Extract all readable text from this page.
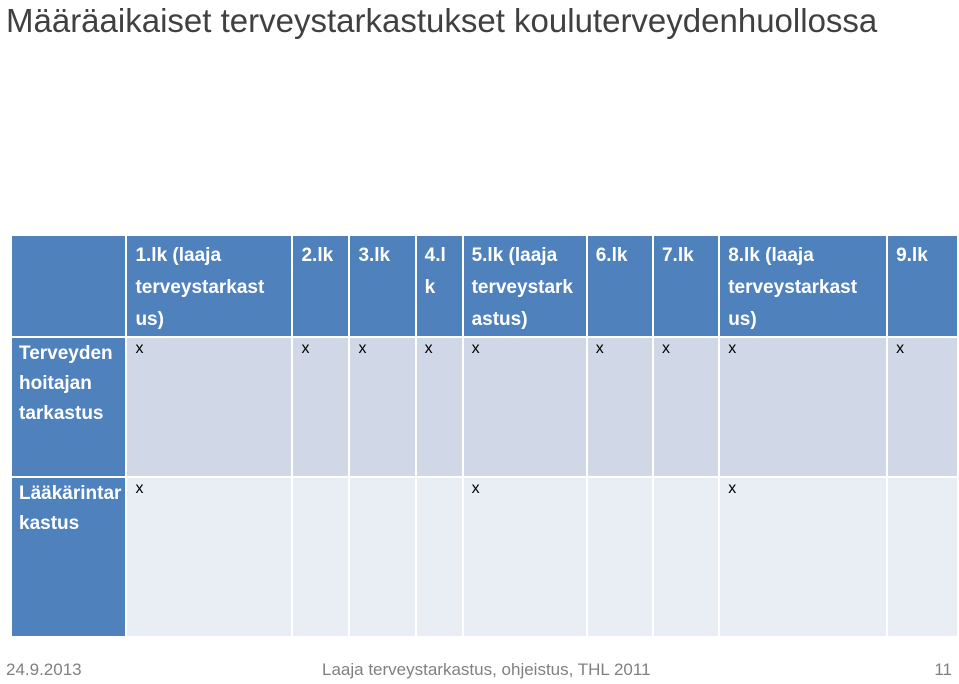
Määräaikaiset terveystarkastukset kouluterveydenhuollossa
	1.lk (laaja terveystarkast us)	2.lk	3.lk	4.l k	5.lk (laaja terveystark astus)	6.lk	7.lk	8.lk (laaja terveystarkast us)	9.lk
Terveyden hoitajan tarkastus	x	x	x	x	x	x	x	x	x
Lääkärintar kastus	x				x			x	
24.9.2013	Laaja terveystarkastus, ohjeistus, THL 2011	11
